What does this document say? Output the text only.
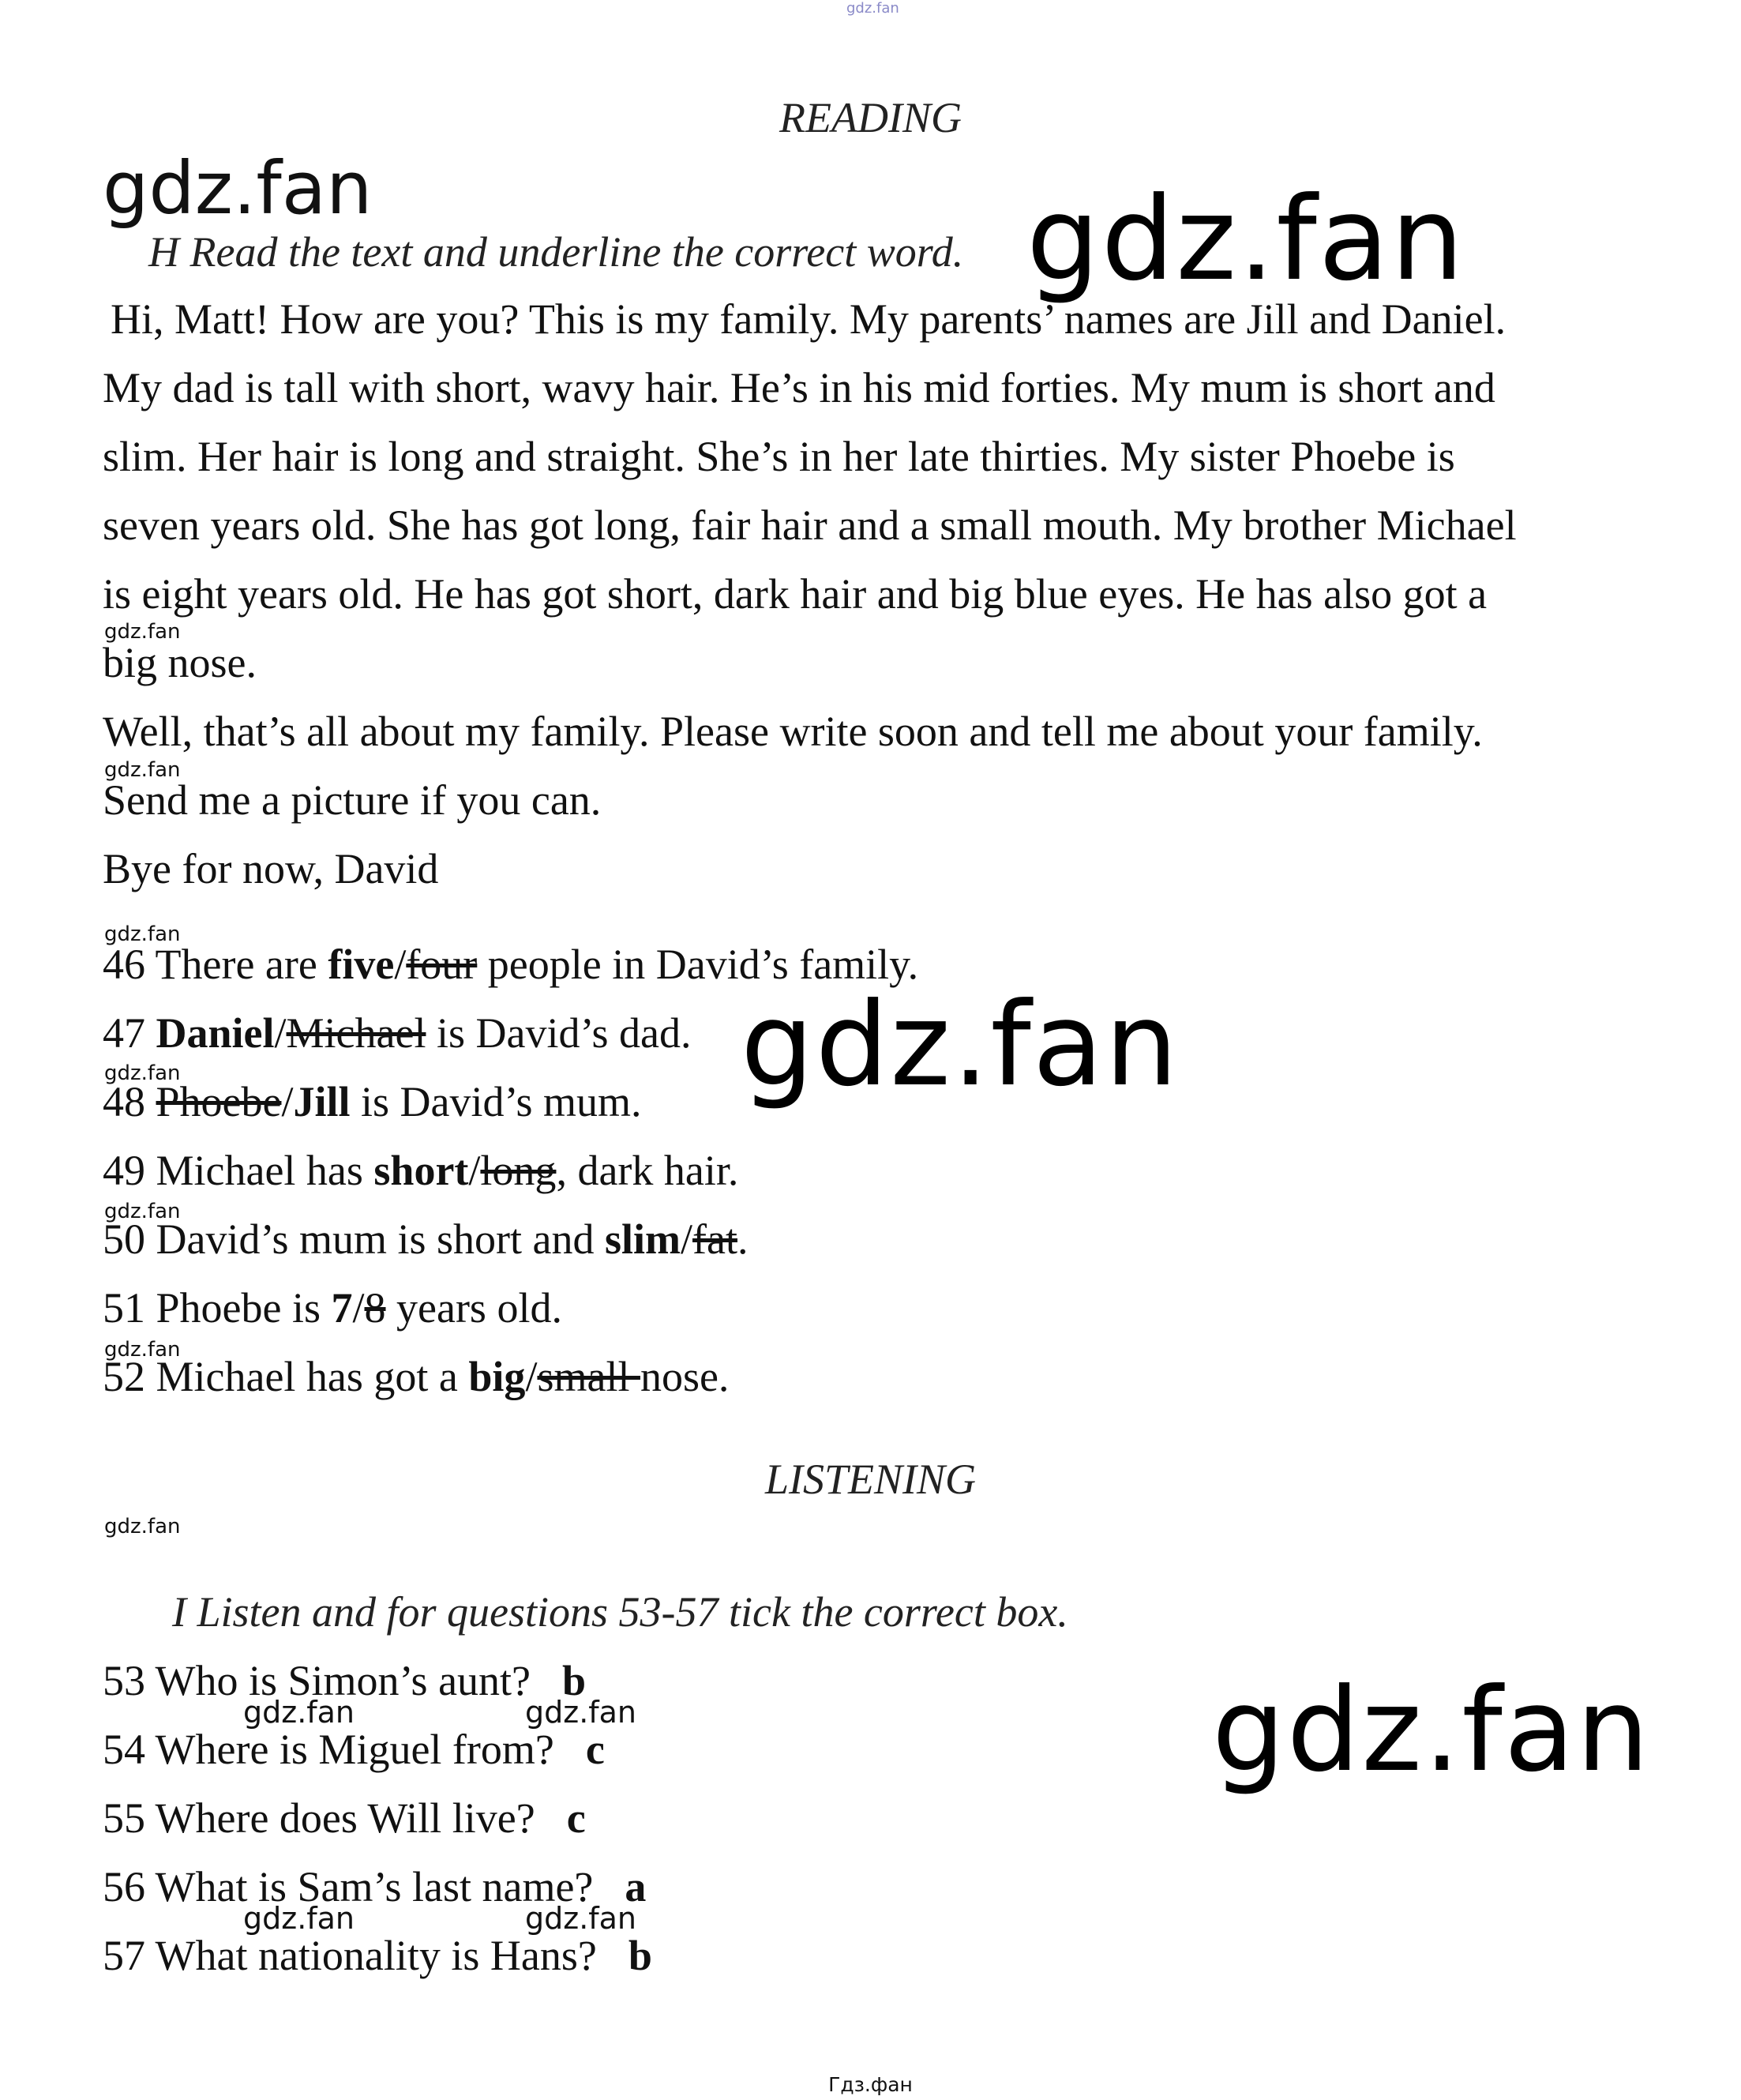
gdz.fan
READING
gdz.fan
H Read the text and underline the correct word. gdz.fan
Hi, Matt! How are you? This is my family. My parents’ names are Jill and Daniel.
My dad is tall with short, wavy hair. He’s in his mid forties. My mum is short and
slim. Her hair is long and straight. She’s in her late thirties. My sister Phoebe is
seven years old. She has got long, fair hair and a small mouth. My brother Michael
is eight years old. He has got short, dark hair and big blue eyes. He has also got a
big nose.
Well, that’s all about my family. Please write soon and tell me about your family.
Send me a picture if you can.
Bye for now, David
gdz.fan
gdz.fan
gdz.fan
46 There are five/four people in David’s family.
47 Daniel/Michael is David’s dad.
48 Phoebe/Jill is David’s mum.
49 Michael has short/long, dark hair.
50 David’s mum is short and slim/fat.
51 Phoebe is 7/8 years old.
52 Michael has got a big/small nose.
gdz.fan
gdz.fan
gdz.fan
gdz.fan
LISTENING
gdz.fan
I Listen and for questions 53-57 tick the correct box.
53 Who is Simon’s aunt? b
54 Where is Miguel from? c
55 Where does Will live? c
56 What is Sam’s last name? a
57 What nationality is Hans? b
gdz.fan	gdz.fan
gdz.fan	gdz.fan
gdz.fan
Гдз.фан
